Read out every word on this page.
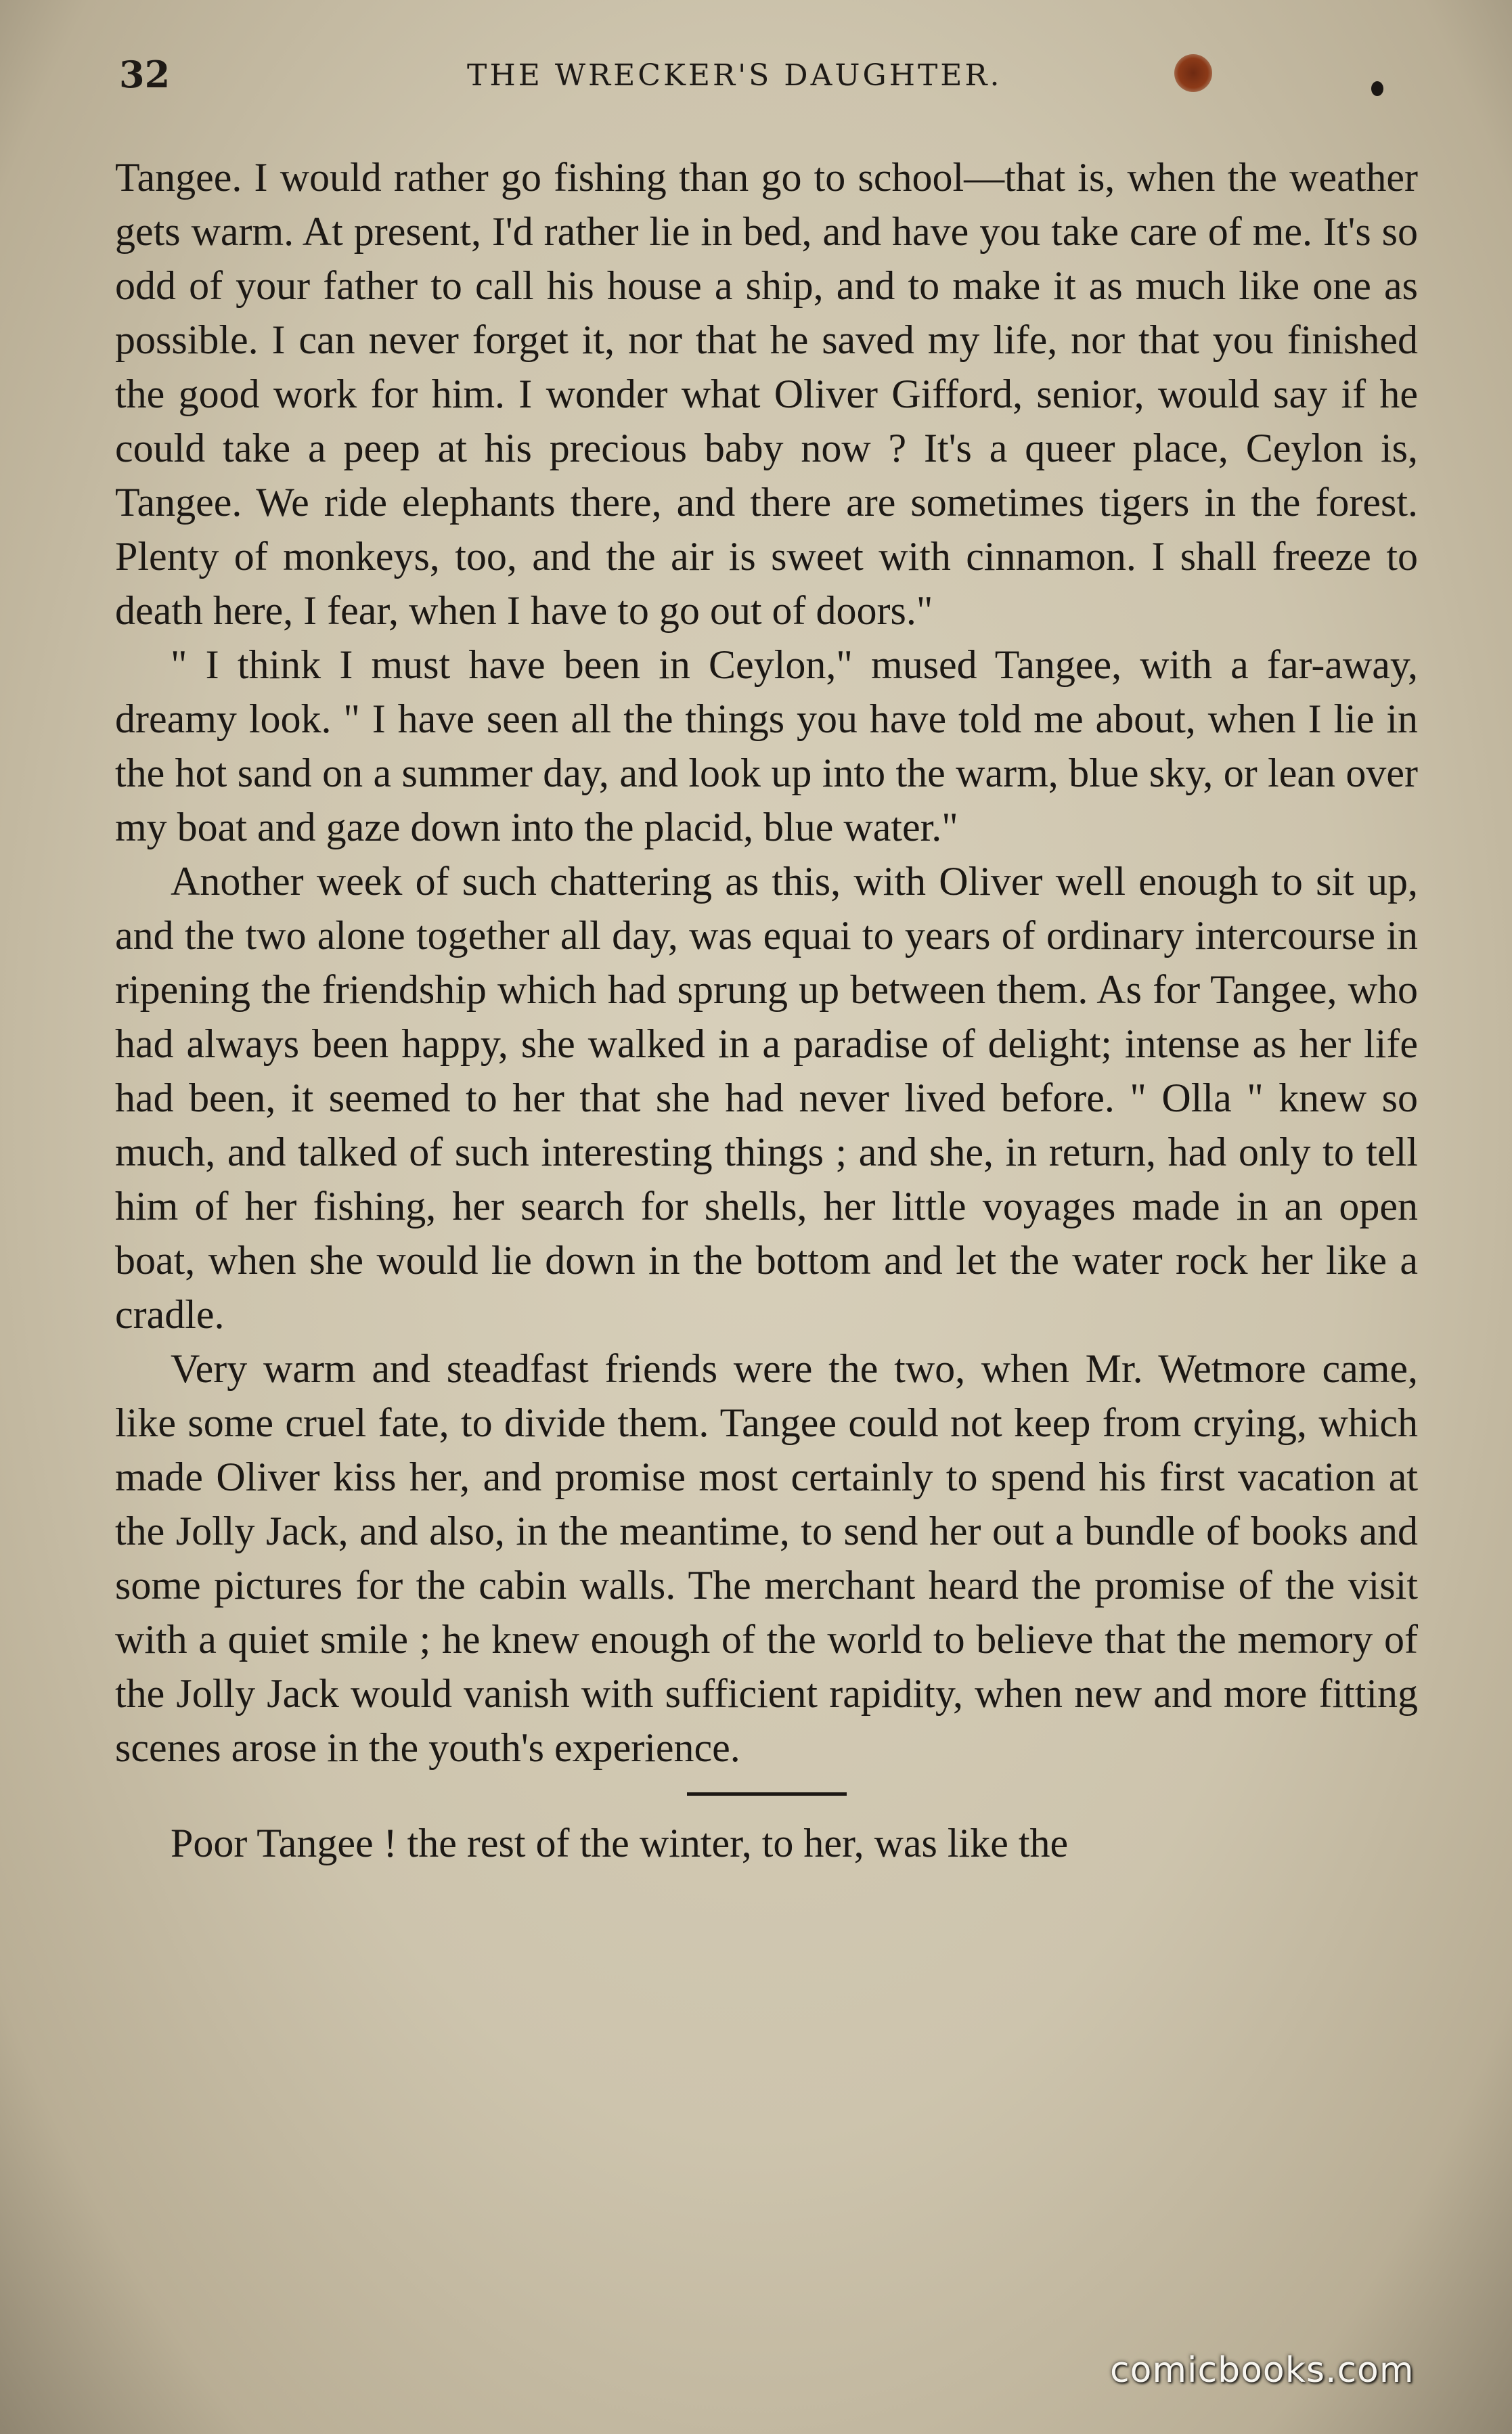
32	THE WRECKER'S DAUGHTER.

Tangee. I would rather go fishing than go to school—that is, when the weather gets warm. At present, I'd rather lie in bed, and have you take care of me. It's so odd of your father to call his house a ship, and to make it as much like one as possible. I can never forget it, nor that he saved my life, nor that you finished the good work for him. I wonder what Oliver Gifford, senior, would say if he could take a peep at his precious baby now ? It's a queer place, Ceylon is, Tangee. We ride elephants there, and there are sometimes tigers in the forest. Plenty of monkeys, too, and the air is sweet with cinnamon. I shall freeze to death here, I fear, when I have to go out of doors."

" I think I must have been in Ceylon," mused Tangee, with a far-away, dreamy look. " I have seen all the things you have told me about, when I lie in the hot sand on a summer day, and look up into the warm, blue sky, or lean over my boat and gaze down into the placid, blue water."

Another week of such chattering as this, with Oliver well enough to sit up, and the two alone together all day, was equai to years of ordinary intercourse in ripening the friendship which had sprung up between them. As for Tangee, who had always been happy, she walked in a paradise of delight; intense as her life had been, it seemed to her that she had never lived before. " Olla " knew so much, and talked of such interesting things ; and she, in return, had only to tell him of her fishing, her search for shells, her little voyages made in an open boat, when she would lie down in the bottom and let the water rock her like a cradle.

Very warm and steadfast friends were the two, when Mr. Wetmore came, like some cruel fate, to divide them. Tangee could not keep from crying, which made Oliver kiss her, and promise most certainly to spend his first vacation at the Jolly Jack, and also, in the meantime, to send her out a bundle of books and some pictures for the cabin walls. The merchant heard the promise of the visit with a quiet smile ; he knew enough of the world to believe that the memory of the Jolly Jack would vanish with sufficient rapidity, when new and more fitting scenes arose in the youth's experience.

Poor Tangee ! the rest of the winter, to her, was like the

comicbooks.com
